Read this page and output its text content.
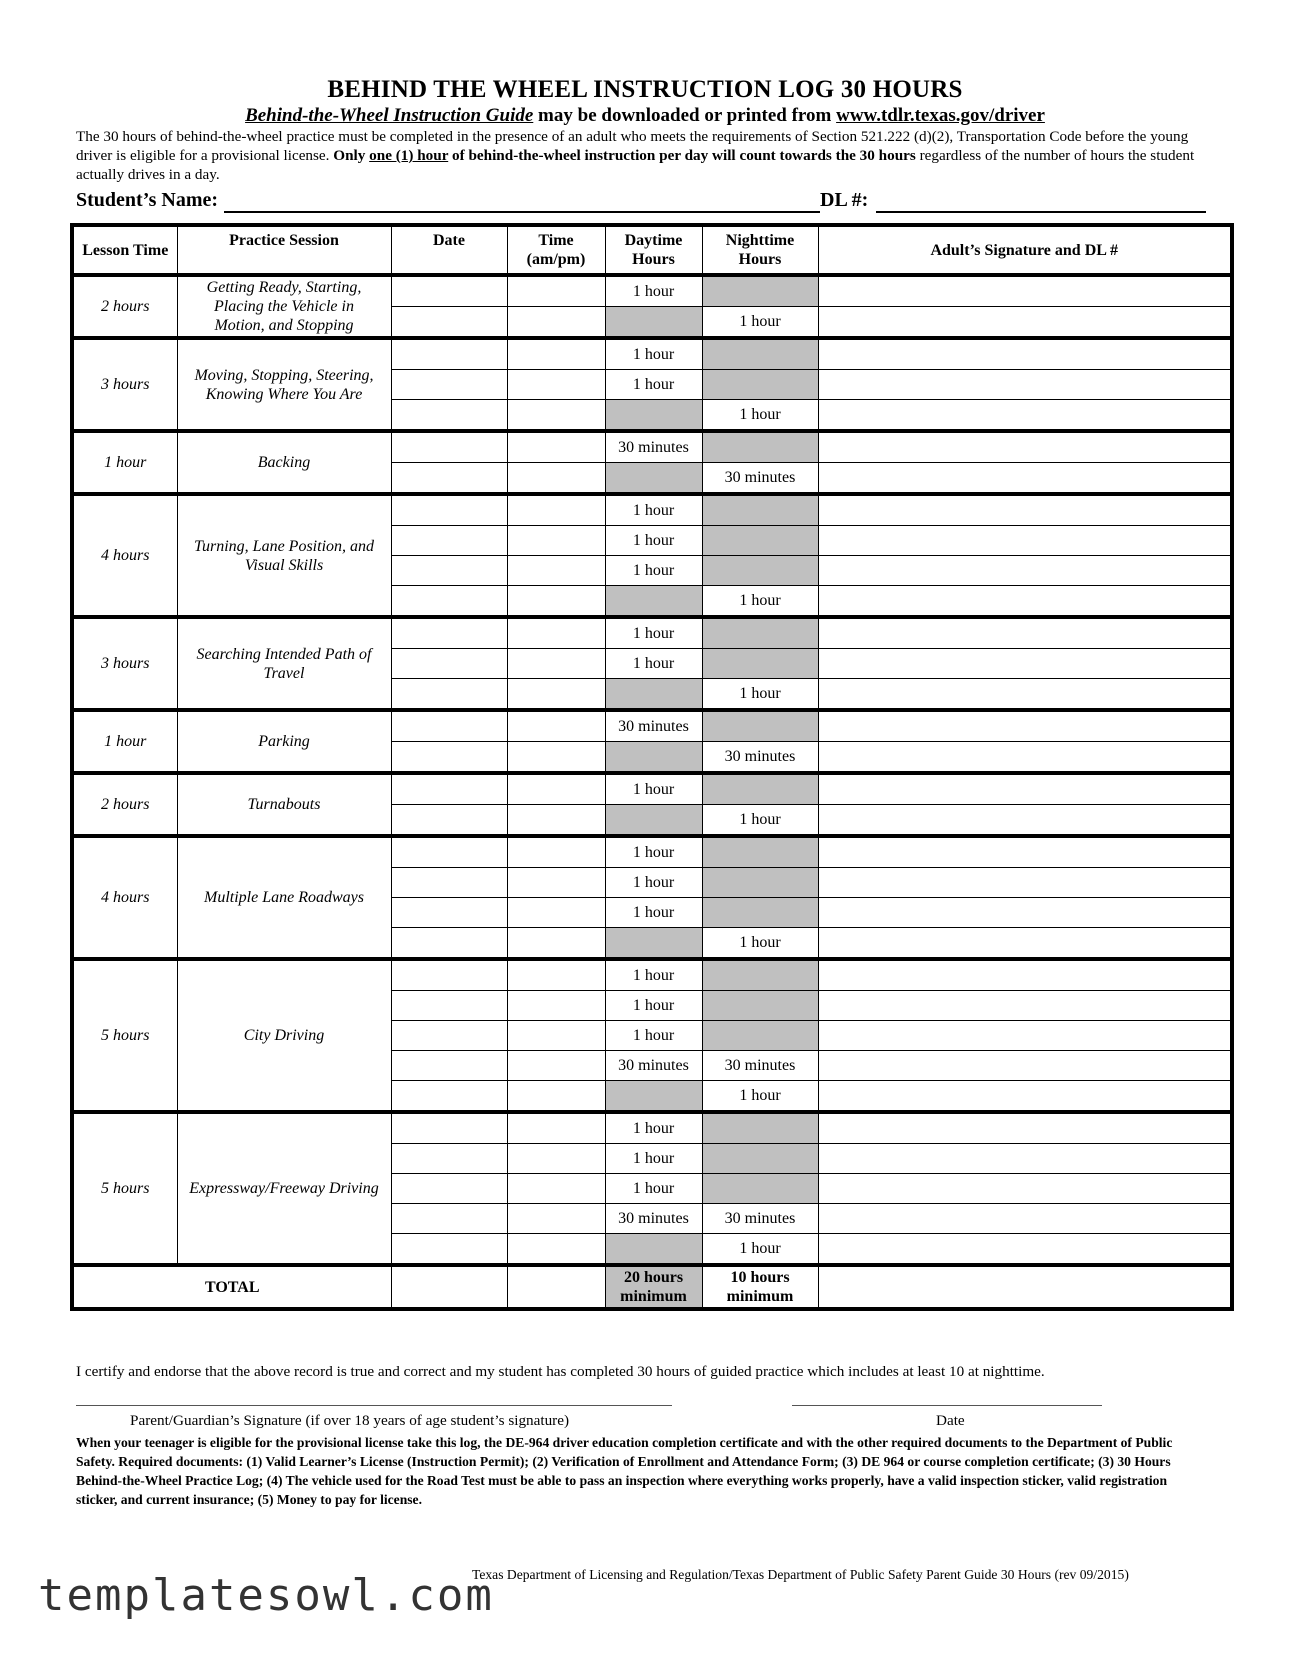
BEHIND THE WHEEL INSTRUCTION LOG 30 HOURS
Behind-the-Wheel Instruction Guide may be downloaded or printed from www.tdlr.texas.gov/driver
The 30 hours of behind-the-wheel practice must be completed in the presence of an adult who meets the requirements of Section 521.222 (d)(2), Transportation Code before the young driver is eligible for a provisional license. Only one (1) hour of behind-the-wheel instruction per day will count towards the 30 hours regardless of the number of hours the student actually drives in a day.
Student’s Name:	DL #:
Lesson Time	Practice Session	Date	Time (am/pm)	Daytime Hours	Nighttime Hours	Adult’s Signature and DL #
2 hours	Getting Ready, Starting, Placing the Vehicle in Motion, and Stopping			1 hour		
					1 hour	
3 hours	Moving, Stopping, Steering, Knowing Where You Are			1 hour		
				1 hour		
					1 hour	
1 hour	Backing			30 minutes		
					30 minutes	
4 hours	Turning, Lane Position, and Visual Skills			1 hour		
				1 hour		
				1 hour		
					1 hour	
3 hours	Searching Intended Path of Travel			1 hour		
				1 hour		
					1 hour	
1 hour	Parking			30 minutes		
					30 minutes	
2 hours	Turnabouts			1 hour		
					1 hour	
4 hours	Multiple Lane Roadways			1 hour		
				1 hour		
				1 hour		
					1 hour	
5 hours	City Driving			1 hour		
				1 hour		
				1 hour		
				30 minutes	30 minutes	
					1 hour	
5 hours	Expressway/Freeway Driving			1 hour		
				1 hour		
				1 hour		
				30 minutes	30 minutes	
					1 hour	
TOTAL				20 hours minimum	10 hours minimum	
I certify and endorse that the above record is true and correct and my student has completed 30 hours of guided practice which includes at least 10 at nighttime.
Parent/Guardian’s Signature (if over 18 years of age student’s signature)	Date
When your teenager is eligible for the provisional license take this log, the DE-964 driver education completion certificate and with the other required documents to the Department of Public Safety. Required documents: (1) Valid Learner’s License (Instruction Permit); (2) Verification of Enrollment and Attendance Form; (3) DE 964 or course completion certificate; (3) 30 Hours Behind-the-Wheel Practice Log; (4) The vehicle used for the Road Test must be able to pass an inspection where everything works properly, have a valid inspection sticker, valid registration sticker, and current insurance; (5) Money to pay for license.
Texas Department of Licensing and Regulation/Texas Department of Public Safety Parent Guide 30 Hours (rev 09/2015)
templatesowl.com
